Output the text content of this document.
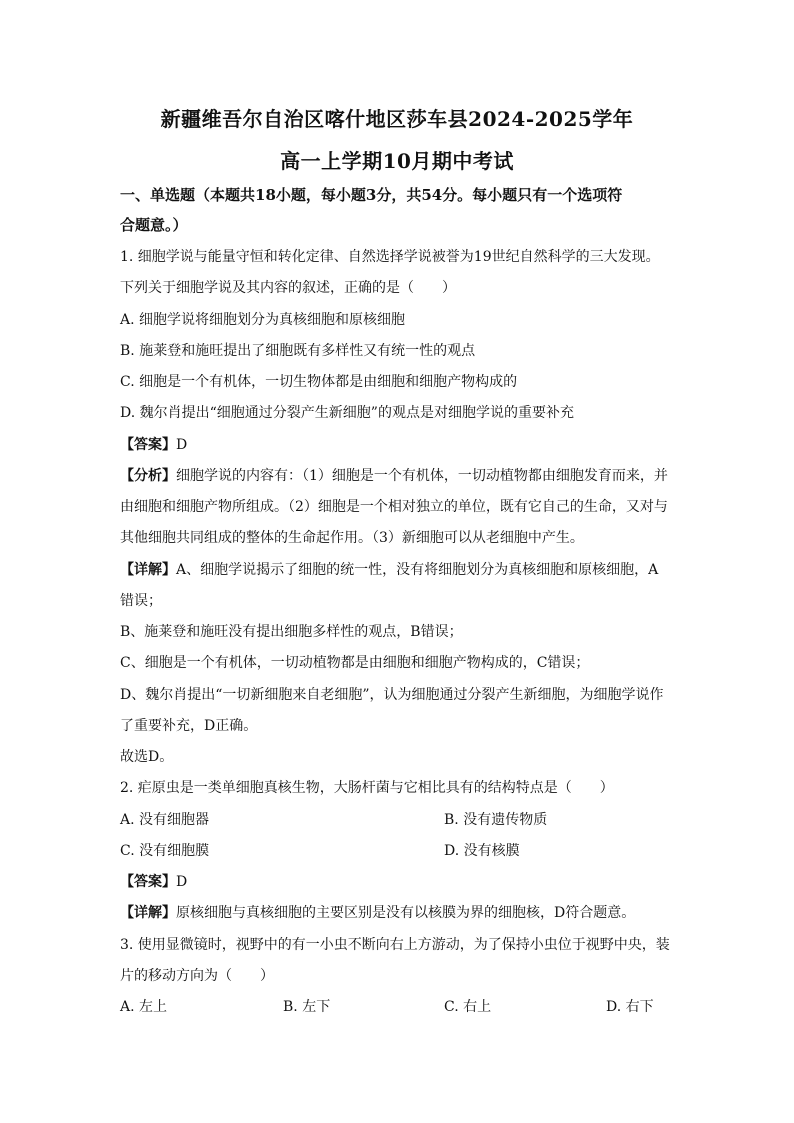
新疆维吾尔自治区喀什地区莎车县2024-2025学年
高一上学期10月期中考试
一、单选题（本题共18小题，每小题3分，共54分。每小题只有一个选项符
合题意。）
1. 细胞学说与能量守恒和转化定律、自然选择学说被誉为19世纪自然科学的三大发现。
下列关于细胞学说及其内容的叙述，正确的是（　　）
A. 细胞学说将细胞划分为真核细胞和原核细胞
B. 施莱登和施旺提出了细胞既有多样性又有统一性的观点
C. 细胞是一个有机体，一切生物体都是由细胞和细胞产物构成的
D. 魏尔肖提出“细胞通过分裂产生新细胞”的观点是对细胞学说的重要补充
【答案】D
【分析】细胞学说的内容有：（1）细胞是一个有机体，一切动植物都由细胞发育而来，并
由细胞和细胞产物所组成。（2）细胞是一个相对独立的单位，既有它自己的生命，又对与
其他细胞共同组成的整体的生命起作用。（3）新细胞可以从老细胞中产生。
【详解】A、细胞学说揭示了细胞的统一性，没有将细胞划分为真核细胞和原核细胞，A
错误；
B、施莱登和施旺没有提出细胞多样性的观点，B错误；
C、细胞是一个有机体，一切动植物都是由细胞和细胞产物构成的，C错误；
D、魏尔肖提出“一切新细胞来自老细胞”，认为细胞通过分裂产生新细胞，为细胞学说作
了重要补充，D正确。
故选D。
2. 疟原虫是一类单细胞真核生物，大肠杆菌与它相比具有的结构特点是（　　）
A. 没有细胞器	B. 没有遗传物质
C. 没有细胞膜	D. 没有核膜
【答案】D
【详解】原核细胞与真核细胞的主要区别是没有以核膜为界的细胞核，D符合题意。
3. 使用显微镜时，视野中的有一小虫不断向右上方游动，为了保持小虫位于视野中央，装
片的移动方向为（　　）
A. 左上	B. 左下	C. 右上	D. 右下
